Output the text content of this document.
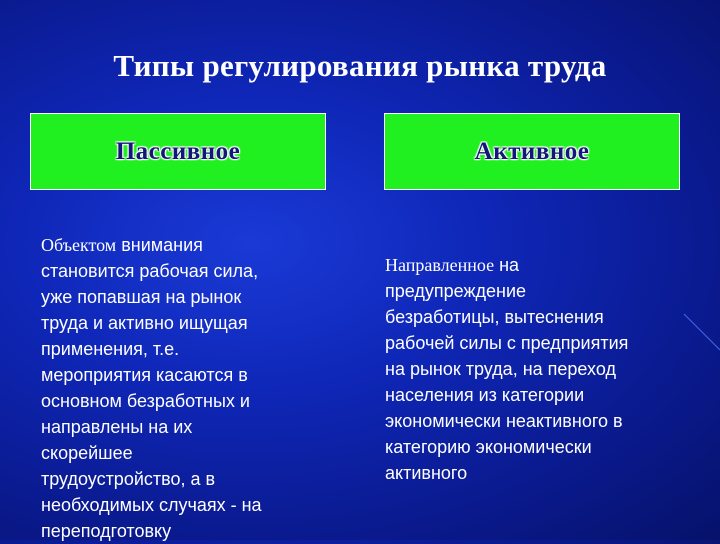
Типы регулирования рынка труда
Пассивное	Активное
Объектом внимания
становится рабочая сила,
уже попавшая на рынок
труда и активно ищущая
применения, т.е.
мероприятия касаются в
основном безработных и
направлены на их
скорейшее
трудоустройство, а в
необходимых случаях - на
переподготовку
Направленное на
предупреждение
безработицы, вытеснения
рабочей силы с предприятия
на рынок труда, на переход
населения из категории
экономически неактивного в
категорию экономически
активного
